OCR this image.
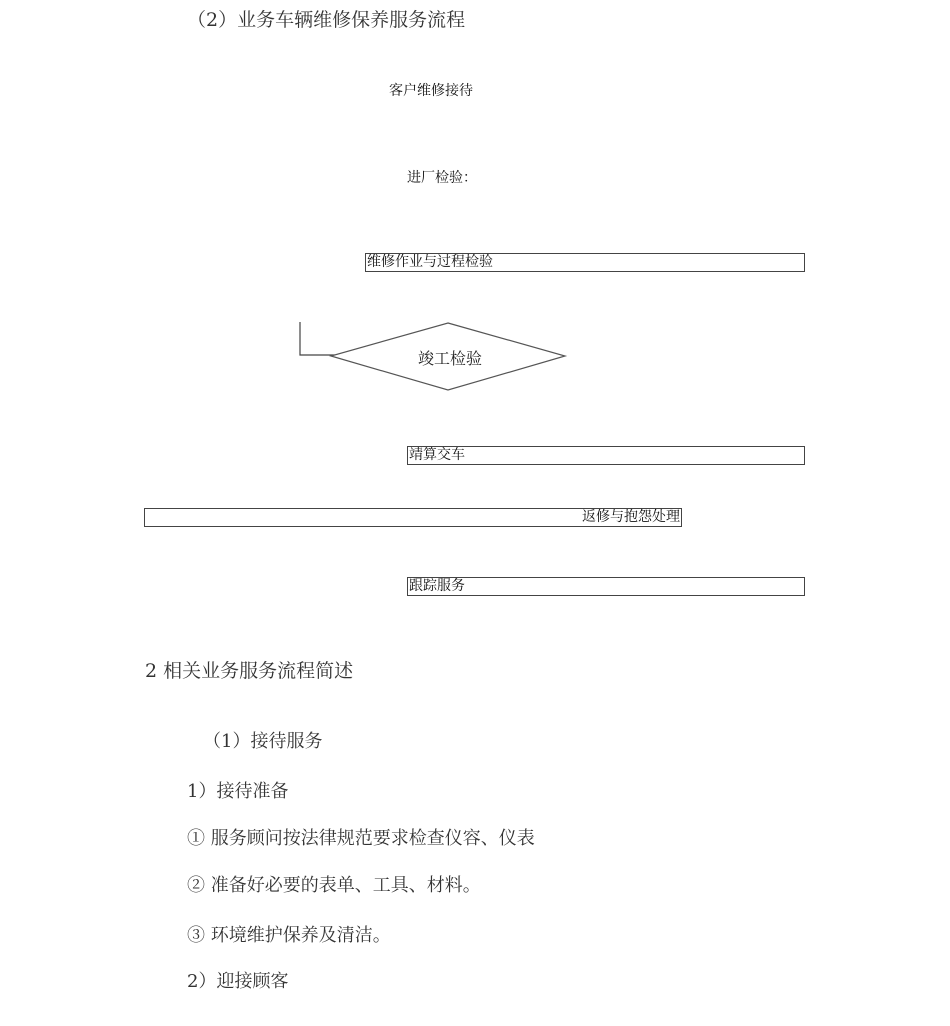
（2）业务车辆维修保养服务流程
客户维修接待
进厂检验：
维修作业与过程检验
竣工检验
靖算交车
返修与抱怨处理
跟踪服务
2 相关业务服务流程简述
（1）接待服务
1）接待准备
① 服务顾问按法律规范要求检查仪容、仪表
② 准备好必要的表单、工具、材料。
③ 环境维护保养及清洁。
2）迎接顾客
